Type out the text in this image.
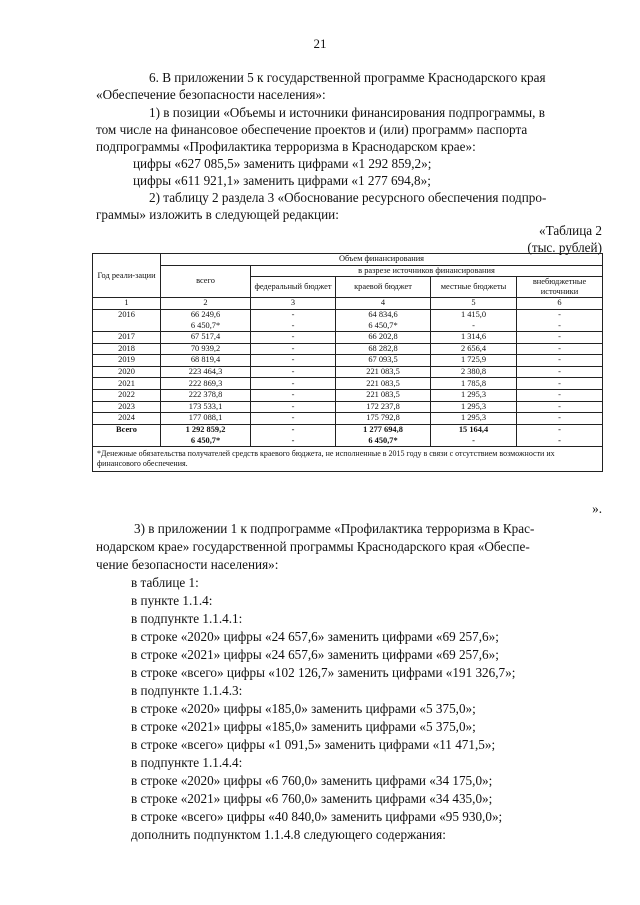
21

6. В приложении 5 к государственной программе Краснодарского края

«Обеспечение безопасности населения»:

1) в позиции «Объемы и источники финансирования подпрограммы, в

том числе на финансовое обеспечение проектов и (или) программ» паспорта

подпрограммы «Профилактика терроризма в Краснодарском крае»:

цифры «627 085,5» заменить цифрами «1 292 859,2»;

цифры «611 921,1» заменить цифрами «1 277 694,8»;

2) таблицу 2 раздела 3 «Обоснование ресурсного обеспечения подпро-

граммы» изложить в следующей редакции:

«Таблица 2
(тыс. рублей)
Год реали-зации	Объем финансирования				
	всего	в разрезе источников финансирования			
		федеральный бюджет	краевой бюджет	местные бюджеты	внебюджетные источники
1	2	3	4	5	6
2016	66 249,6	-	64 834,6	1 415,0	-
	6 450,7*	-	6 450,7*	-	-
2017	67 517,4	-	66 202,8	1 314,6	-
2018	70 939,2	-	68 282,8	2 656,4	-
2019	68 819,4	-	67 093,5	1 725,9	-
2020	223 464,3	-	221 083,5	2 380,8	-
2021	222 869,3	-	221 083,5	1 785,8	-
2022	222 378,8	-	221 083,5	1 295,3	-
2023	173 533,1	-	172 237,8	1 295,3	-
2024	177 088,1	-	175 792,8	1 295,3	-
Всего	1 292 859,2	-	1 277 694,8	15 164,4	-
	6 450,7*	-	6 450,7*	-	-
*Денежные обязательства получателей средств краевого бюджета, не исполненные в 2015 году в связи с отсутствием возможности их финансового обеспечения.					
».

3) в приложении 1 к подпрограмме «Профилактика терроризма в Крас-

нодарском крае» государственной программы Краснодарского края «Обеспе-

чение безопасности населения»:

в таблице 1:

в пункте 1.1.4:

в подпункте 1.1.4.1:

в строке «2020» цифры «24 657,6» заменить цифрами «69 257,6»;

в строке «2021» цифры «24 657,6» заменить цифрами «69 257,6»;

в строке «всего» цифры «102 126,7» заменить цифрами «191 326,7»;

в подпункте 1.1.4.3:

в строке «2020» цифры «185,0» заменить цифрами «5 375,0»;

в строке «2021» цифры «185,0» заменить цифрами «5 375,0»;

в строке «всего» цифры «1 091,5» заменить цифрами «11 471,5»;

в подпункте 1.1.4.4:

в строке «2020» цифры «6 760,0» заменить цифрами «34 175,0»;

в строке «2021» цифры «6 760,0» заменить цифрами «34 435,0»;

в строке «всего» цифры «40 840,0» заменить цифрами «95 930,0»;

дополнить подпунктом 1.1.4.8 следующего содержания:
